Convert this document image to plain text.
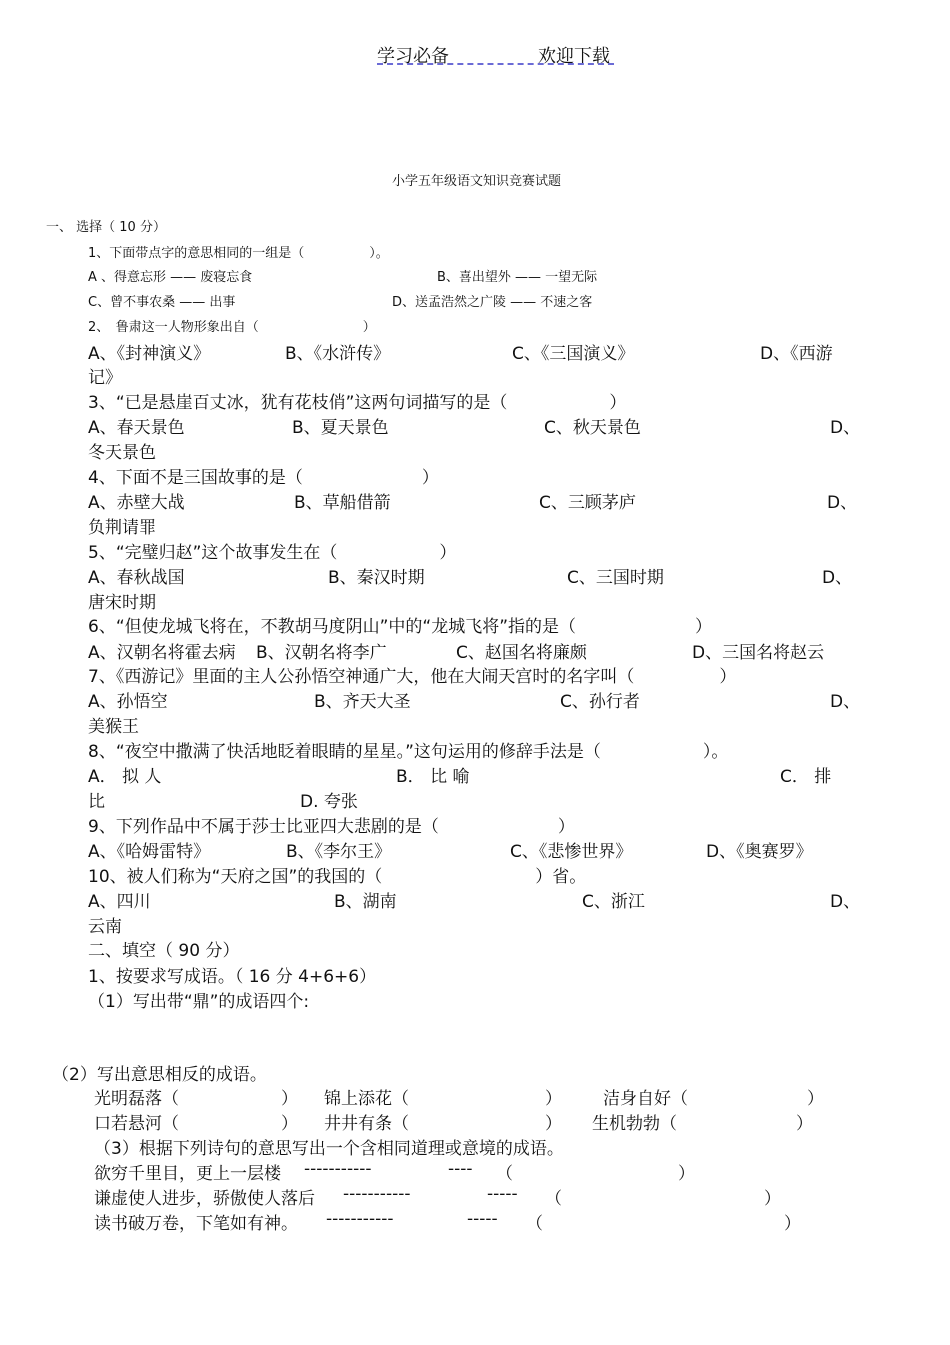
学习必备	欢迎下载
小学五年级语文知识竞赛试题
一、 选择（ 10 分）
1、下面带点字的意思相同的一组是（　　　　　）。
A 、得意忘形 —— 废寝忘食	B、喜出望外 —— 一望无际
C、曾不事农桑 —— 出事	D、送孟浩然之广陵 —— 不速之客
2、　鲁肃这一人物形象出自（　　　　　　　　）
A、《封神演义》	B、《水浒传》	C、《三国演义》	D、《西游
记》
3、“已是悬崖百丈冰，犹有花枝俏”这两句词描写的是（　　　　　　）
A、春天景色	B、夏天景色	C、秋天景色	D、
冬天景色
4、下面不是三国故事的是（　　　　　　　）
A、赤壁大战	B、草船借箭	C、三顾茅庐	D、
负荆请罪
5、“完璧归赵”这个故事发生在（　　　　　　）
A、春秋战国	B、秦汉时期	C、三国时期	D、
唐宋时期
6、“但使龙城飞将在，不教胡马度阴山”中的“龙城飞将”指的是（　　　　　　　）
A、汉朝名将霍去病 B、汉朝名将李广	C、赵国名将廉颇	D、三国名将赵云
7、《西游记》里面的主人公孙悟空神通广大，他在大闹天宫时的名字叫（　　　　　）
A、孙悟空	B、齐天大圣	C、孙行者	D、
美猴王
8、“夜空中撒满了快活地眨着眼睛的星星。”这句运用的修辞手法是（　　　　　　）。
A． 拟 人	B． 比 喻	C． 排
比	D. 夸张
9、下列作品中不属于莎士比亚四大悲剧的是（　　　　　　　）
A、《哈姆雷特》	B、《李尔王》	C、《悲惨世界》	D、《奥赛罗》
10、被人们称为“天府之国”的我国的（　　　　　　　　　）省。
A、四川	B、湖南	C、浙江	D、
云南
二、填空（ 90 分）
1、按要求写成语。（ 16 分 4+6+6）
（1）写出带“鼎”的成语四个:
（2）写出意思相反的成语。
光明磊落（　　　　　　） 锦上添花（　　　　　　　　） 洁身自好（　　　　　　　）
口若悬河（　　　　　　） 井井有条（　　　　　　　　） 生机勃勃（　　　　　　　）
（3）根据下列诗句的意思写出一个含相同道理或意境的成语。
欲穷千里目，更上一层楼 -----------	---- （	）
谦虚使人进步，骄傲使人落后 -----------	----- （	）
读书破万卷，下笔如有神。 -----------	----- （	）
